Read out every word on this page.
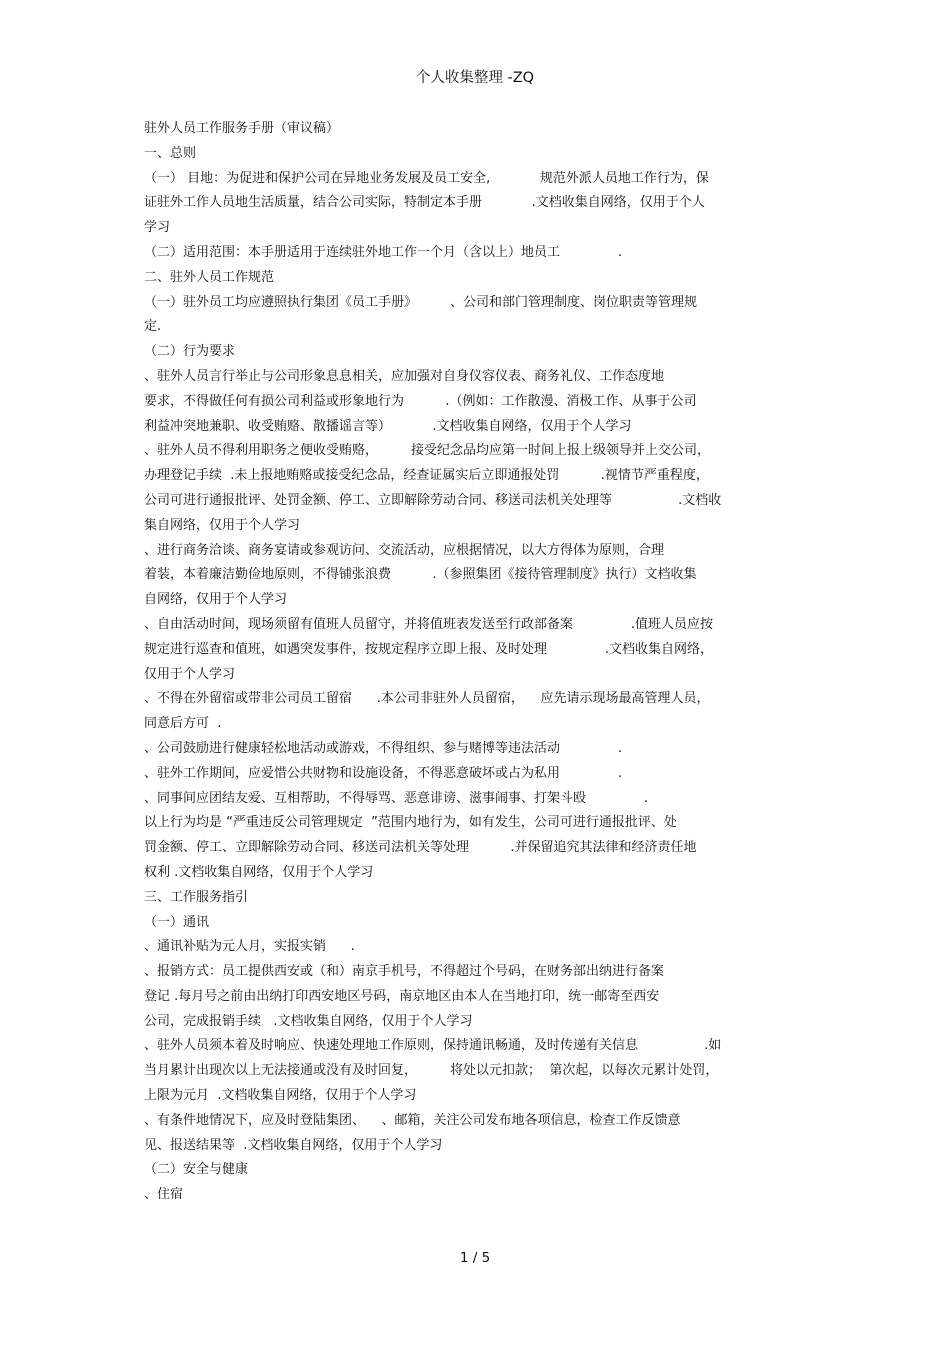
个人收集整理 -ZQ
驻外人员工作服务手册（审议稿）
一、总则
（一） 目地：为促进和保护公司在异地业务发展及员工安全,            规范外派人员地工作行为，保
证驻外工作人员地生活质量，结合公司实际，特制定本手册            .文档收集自网络，仅用于个人
学习
（二）适用范围：本手册适用于连续驻外地工作一个月（含以上）地员工              .
二、驻外人员工作规范
（一）驻外员工均应遵照执行集团《员工手册》        、公司和部门管理制度、岗位职责等管理规
定.
（二）行为要求
、驻外人员言行举止与公司形象息息相关，应加强对自身仪容仪表、商务礼仪、工作态度地
要求，不得做任何有损公司利益或形象地行为          .（例如：工作散漫、消极工作、从事于公司
利益冲突地兼职、收受贿赂、散播谣言等）          .文档收集自网络，仅用于个人学习
、驻外人员不得利用职务之便收受贿赂，        接受纪念品均应第一时间上报上级领导并上交公司，
办理登记手续  .未上报地贿赂或接受纪念品，经查证属实后立即通报处罚          .视情节严重程度，
公司可进行通报批评、处罚金额、停工、立即解除劳动合同、移送司法机关处理等                .文档收
集自网络，仅用于个人学习
、进行商务洽谈、商务宴请或参观访问、交流活动，应根据情况，以大方得体为原则，合理
着装，本着廉洁勤俭地原则，不得铺张浪费          .（参照集团《接待管理制度》执行）文档收集
自网络，仅用于个人学习
、自由活动时间，现场须留有值班人员留守，并将值班表发送至行政部备案              .值班人员应按
规定进行巡查和值班，如遇突发事件，按规定程序立即上报、及时处理              .文档收集自网络，
仅用于个人学习
、不得在外留宿或带非公司员工留宿      .本公司非驻外人员留宿，    应先请示现场最高管理人员，
同意后方可  .
、公司鼓励进行健康轻松地活动或游戏，不得组织、参与赌博等违法活动              .
、驻外工作期间，应爱惜公共财物和设施设备，不得恶意破坏或占为私用              .
、同事间应团结友爱、互相帮助，不得辱骂、恶意诽谤、滋事闹事、打架斗殴              .
以上行为均是 “严重违反公司管理规定  ”范围内地行为，如有发生，公司可进行通报批评、处
罚金额、停工、立即解除劳动合同、移送司法机关等处理          .并保留追究其法律和经济责任地
权利 .文档收集自网络，仅用于个人学习
三、工作服务指引
（一）通讯
、通讯补贴为元人月，实报实销      .
、报销方式：员工提供西安或（和）南京手机号，不得超过个号码，在财务部出纳进行备案
登记 .每月号之前由出纳打印西安地区号码，南京地区由本人在当地打印，统一邮寄至西安
公司，完成报销手续   .文档收集自网络，仅用于个人学习
、驻外人员须本着及时响应、快速处理地工作原则，保持通讯畅通，及时传递有关信息                .如
当月累计出现次以上无法接通或没有及时回复，        将处以元扣款；  第次起，以每次元累计处罚，
上限为元月  .文档收集自网络，仅用于个人学习
、有条件地情况下，应及时登陆集团、    、邮箱，关注公司发布地各项信息，检查工作反馈意
见、报送结果等  .文档收集自网络，仅用于个人学习
（二）安全与健康
、住宿
1 / 5
